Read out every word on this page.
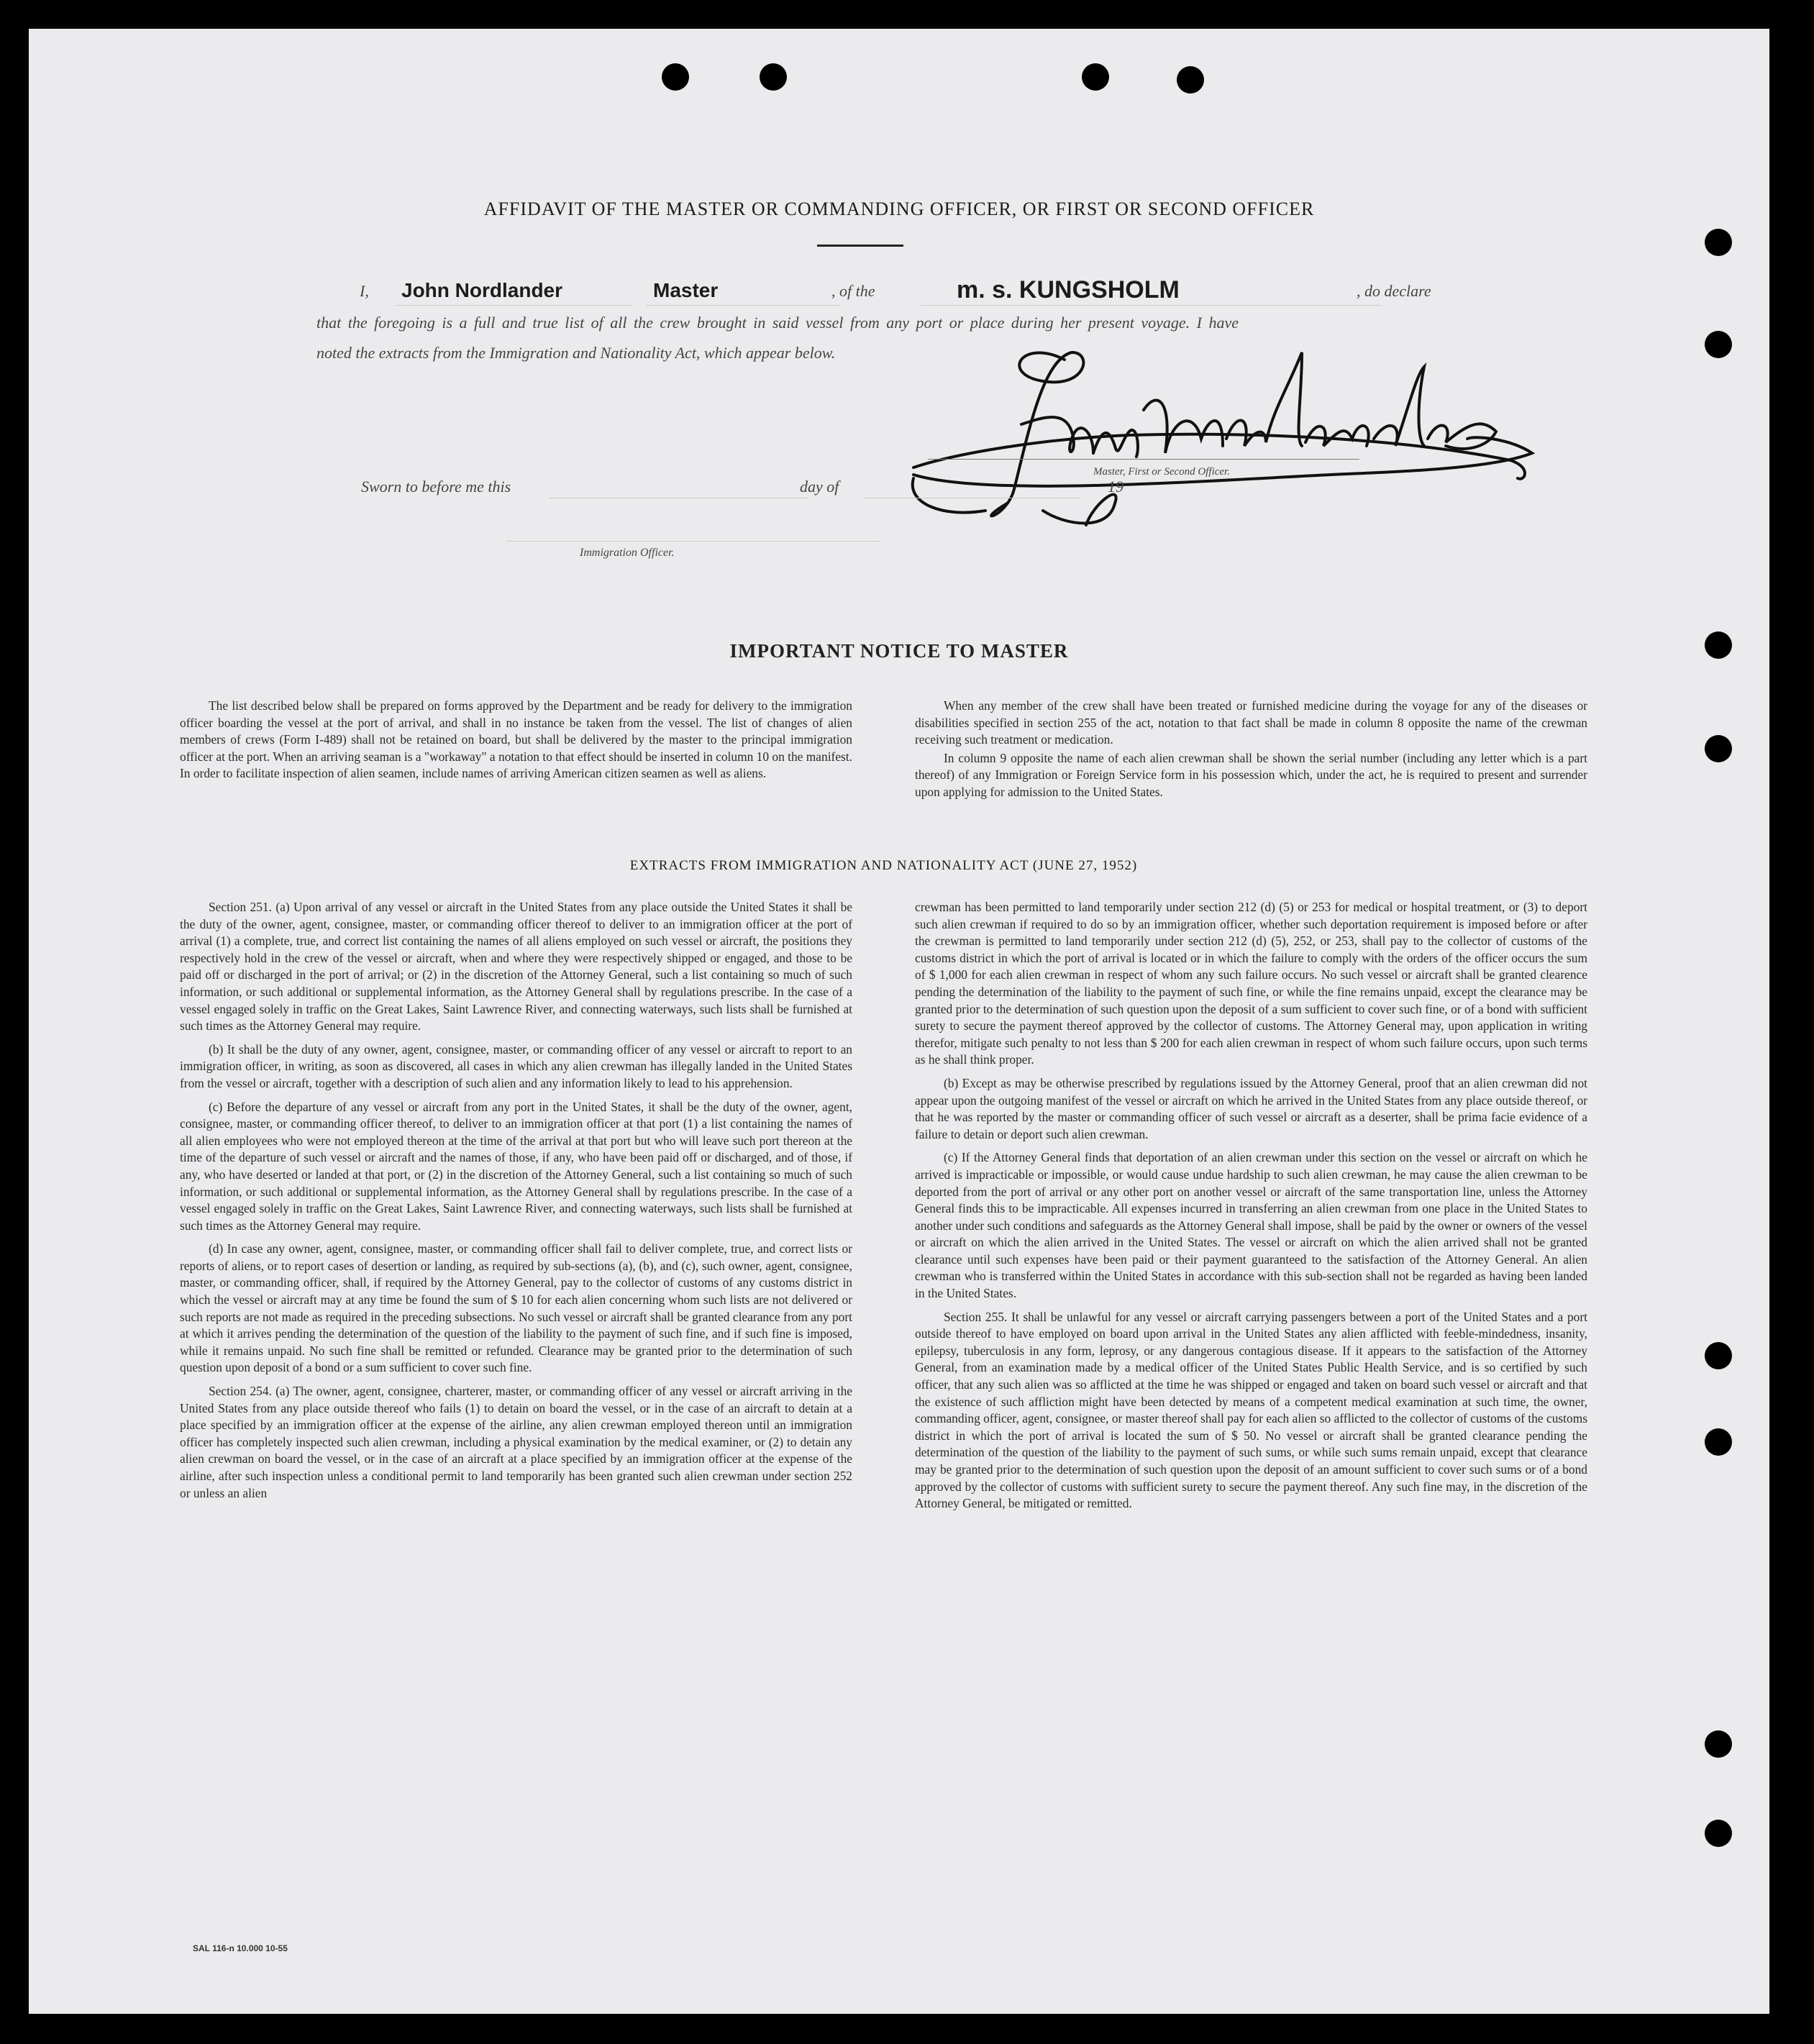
AFFIDAVIT OF THE MASTER OR COMMANDING OFFICER, OR FIRST OR SECOND OFFICER
I, John Nordlander	Master	, of the	m. s. KUNGSHOLM	, do declare
that the foregoing is a full and true list of all the crew brought in said vessel from any port or place during her present voyage. I have
noted the extracts from the Immigration and Nationality Act, which appear below.
Master, First or Second Officer.
Sworn to before me this	day of	19
Immigration Officer.
IMPORTANT NOTICE TO MASTER

The list described below shall be prepared on forms approved by the Department and be ready for delivery to the immigration officer boarding the vessel at the port of arrival, and shall in no instance be taken from the vessel. The list of changes of alien members of crews (Form I-489) shall not be retained on board, but shall be delivered by the master to the principal immigration officer at the port. When an arriving seaman is a "workaway" a notation to that effect should be inserted in column 10 on the manifest. In order to facilitate inspection of alien seamen, include names of arriving American citizen seamen as well as aliens.

When any member of the crew shall have been treated or furnished medicine during the voyage for any of the diseases or disabilities specified in section 255 of the act, notation to that fact shall be made in column 8 opposite the name of the crewman receiving such treatment or medication.

In column 9 opposite the name of each alien crewman shall be shown the serial number (including any letter which is a part thereof) of any Immigration or Foreign Service form in his possession which, under the act, he is required to present and surrender upon applying for admission to the United States.

EXTRACTS FROM IMMIGRATION AND NATIONALITY ACT (JUNE 27, 1952)

Section 251. (a) Upon arrival of any vessel or aircraft in the United States from any place outside the United States it shall be the duty of the owner, agent, consignee, master, or commanding officer thereof to deliver to an immigration officer at the port of arrival (1) a complete, true, and correct list containing the names of all aliens employed on such vessel or aircraft, the positions they respectively hold in the crew of the vessel or aircraft, when and where they were respectively shipped or engaged, and those to be paid off or discharged in the port of arrival; or (2) in the discretion of the Attorney General, such a list containing so much of such information, or such additional or supplemental information, as the Attorney General shall by regulations prescribe. In the case of a vessel engaged solely in traffic on the Great Lakes, Saint Lawrence River, and connecting waterways, such lists shall be furnished at such times as the Attorney General may require.

(b) It shall be the duty of any owner, agent, consignee, master, or commanding officer of any vessel or aircraft to report to an immigration officer, in writing, as soon as discovered, all cases in which any alien crewman has illegally landed in the United States from the vessel or aircraft, together with a description of such alien and any information likely to lead to his apprehension.

(c) Before the departure of any vessel or aircraft from any port in the United States, it shall be the duty of the owner, agent, consignee, master, or commanding officer thereof, to deliver to an immigration officer at that port (1) a list containing the names of all alien employees who were not employed thereon at the time of the arrival at that port but who will leave such port thereon at the time of the departure of such vessel or aircraft and the names of those, if any, who have been paid off or discharged, and of those, if any, who have deserted or landed at that port, or (2) in the discretion of the Attorney General, such a list containing so much of such information, or such additional or supplemental information, as the Attorney General shall by regulations prescribe. In the case of a vessel engaged solely in traffic on the Great Lakes, Saint Lawrence River, and connecting waterways, such lists shall be furnished at such times as the Attorney General may require.

(d) In case any owner, agent, consignee, master, or commanding officer shall fail to deliver complete, true, and correct lists or reports of aliens, or to report cases of desertion or landing, as required by sub-sections (a), (b), and (c), such owner, agent, consignee, master, or commanding officer, shall, if required by the Attorney General, pay to the collector of customs of any customs district in which the vessel or aircraft may at any time be found the sum of $ 10 for each alien concerning whom such lists are not delivered or such reports are not made as required in the preceding subsections. No such vessel or aircraft shall be granted clearance from any port at which it arrives pending the determination of the question of the liability to the payment of such fine, and if such fine is imposed, while it remains unpaid. No such fine shall be remitted or refunded. Clearance may be granted prior to the determination of such question upon deposit of a bond or a sum sufficient to cover such fine.

Section 254. (a) The owner, agent, consignee, charterer, master, or commanding officer of any vessel or aircraft arriving in the United States from any place outside thereof who fails (1) to detain on board the vessel, or in the case of an aircraft to detain at a place specified by an immigration officer at the expense of the airline, any alien crewman employed thereon until an immigration officer has completely inspected such alien crewman, including a physical examination by the medical examiner, or (2) to detain any alien crewman on board the vessel, or in the case of an aircraft at a place specified by an immigration officer at the expense of the airline, after such inspection unless a conditional permit to land temporarily has been granted such alien crewman under section 252 or unless an alien

crewman has been permitted to land temporarily under section 212 (d) (5) or 253 for medical or hospital treatment, or (3) to deport such alien crewman if required to do so by an immigration officer, whether such deportation requirement is imposed before or after the crewman is permitted to land temporarily under section 212 (d) (5), 252, or 253, shall pay to the collector of customs of the customs district in which the port of arrival is located or in which the failure to comply with the orders of the officer occurs the sum of $ 1,000 for each alien crewman in respect of whom any such failure occurs. No such vessel or aircraft shall be granted clearence pending the determination of the liability to the payment of such fine, or while the fine remains unpaid, except the clearance may be granted prior to the determination of such question upon the deposit of a sum sufficient to cover such fine, or of a bond with sufficient surety to secure the payment thereof approved by the collector of customs. The Attorney General may, upon application in writing therefor, mitigate such penalty to not less than $ 200 for each alien crewman in respect of whom such failure occurs, upon such terms as he shall think proper.

(b) Except as may be otherwise prescribed by regulations issued by the Attorney General, proof that an alien crewman did not appear upon the outgoing manifest of the vessel or aircraft on which he arrived in the United States from any place outside thereof, or that he was reported by the master or commanding officer of such vessel or aircraft as a deserter, shall be prima facie evidence of a failure to detain or deport such alien crewman.

(c) If the Attorney General finds that deportation of an alien crewman under this section on the vessel or aircraft on which he arrived is impracticable or impossible, or would cause undue hardship to such alien crewman, he may cause the alien crewman to be deported from the port of arrival or any other port on another vessel or aircraft of the same transportation line, unless the Attorney General finds this to be impracticable. All expenses incurred in transferring an alien crewman from one place in the United States to another under such conditions and safeguards as the Attorney General shall impose, shall be paid by the owner or owners of the vessel or aircraft on which the alien arrived in the United States. The vessel or aircraft on which the alien arrived shall not be granted clearance until such expenses have been paid or their payment guaranteed to the satisfaction of the Attorney General. An alien crewman who is transferred within the United States in accordance with this sub-section shall not be regarded as having been landed in the United States.

Section 255. It shall be unlawful for any vessel or aircraft carrying passengers between a port of the United States and a port outside thereof to have employed on board upon arrival in the United States any alien afflicted with feeble-mindedness, insanity, epilepsy, tuberculosis in any form, leprosy, or any dangerous contagious disease. If it appears to the satisfaction of the Attorney General, from an examination made by a medical officer of the United States Public Health Service, and is so certified by such officer, that any such alien was so afflicted at the time he was shipped or engaged and taken on board such vessel or aircraft and that the existence of such affliction might have been detected by means of a competent medical examination at such time, the owner, commanding officer, agent, consignee, or master thereof shall pay for each alien so afflicted to the collector of customs of the customs district in which the port of arrival is located the sum of $ 50. No vessel or aircraft shall be granted clearance pending the determination of the question of the liability to the payment of such sums, or while such sums remain unpaid, except that clearance may be granted prior to the determination of such question upon the deposit of an amount sufficient to cover such sums or of a bond approved by the collector of customs with sufficient surety to secure the payment thereof. Any such fine may, in the discretion of the Attorney General, be mitigated or remitted.

SAL 116-n 10.000 10-55
